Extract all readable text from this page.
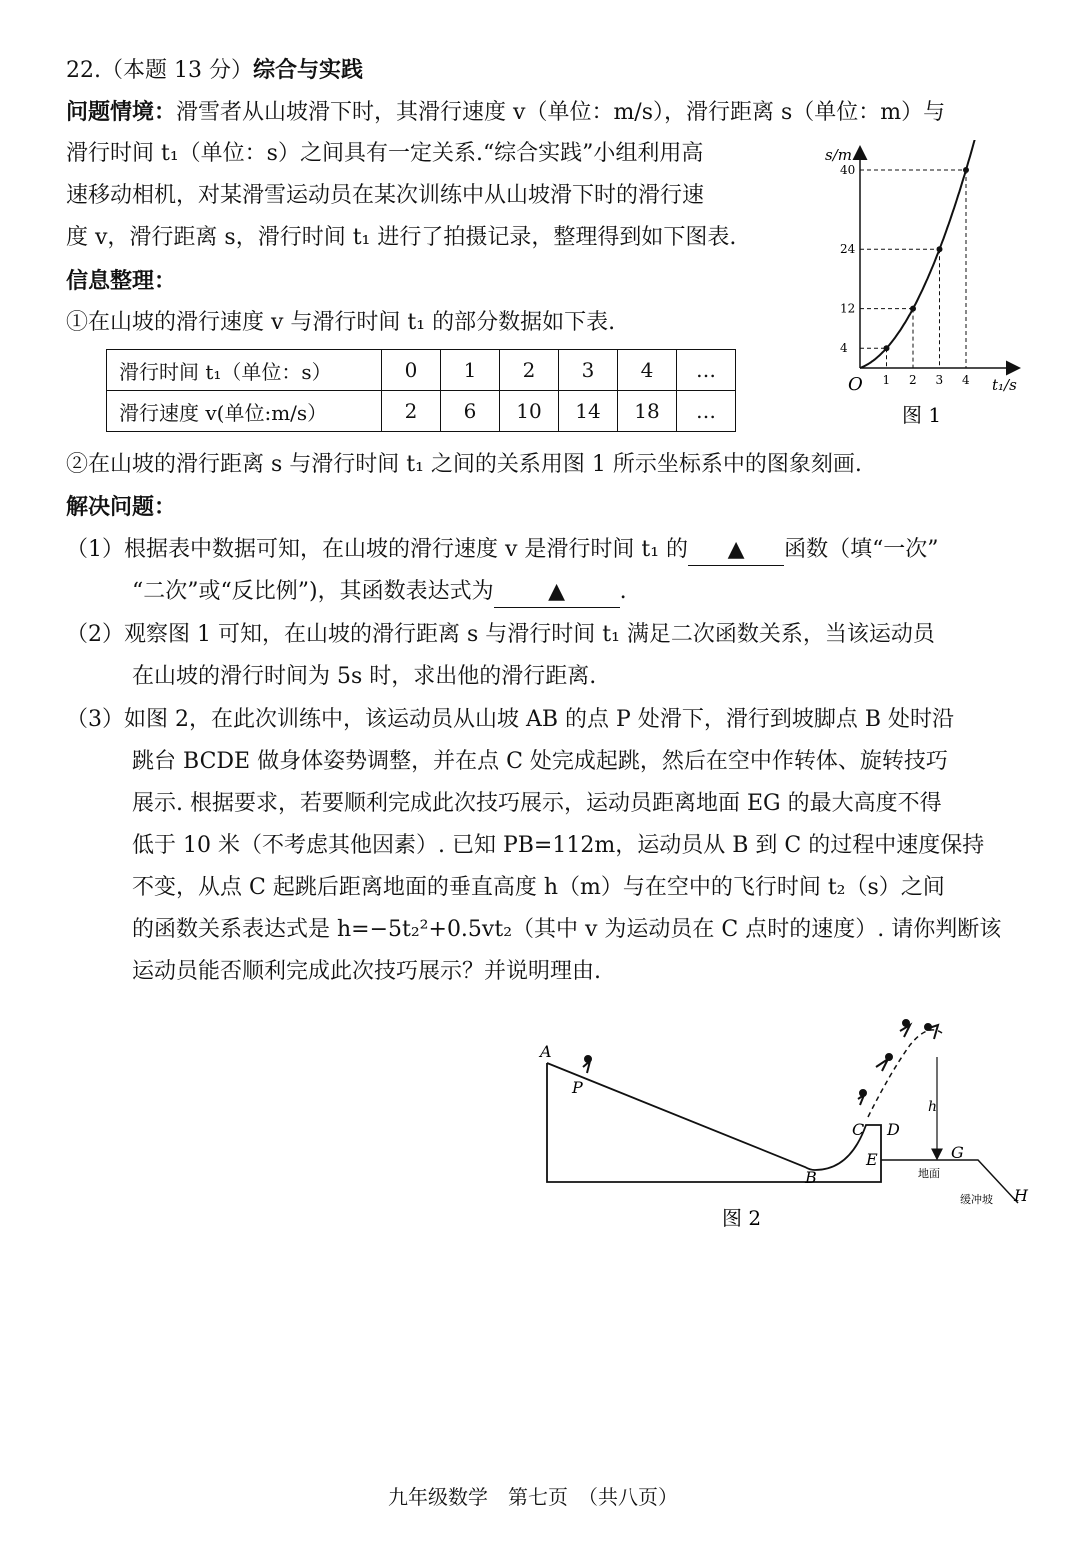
22.（本题 13 分）综合与实践
问题情境：滑雪者从山坡滑下时，其滑行速度 v（单位：m/s），滑行距离 s（单位：m）与
滑行时间 t₁（单位：s）之间具有一定关系.“综合实践”小组利用高
速移动相机，对某滑雪运动员在某次训练中从山坡滑下时的滑行速
度 v，滑行距离 s，滑行时间 t₁ 进行了拍摄记录，整理得到如下图表.
信息整理：
①在山坡的滑行速度 v 与滑行时间 t₁ 的部分数据如下表.
滑行时间 t₁（单位：s）	0	1	2	3	4	…
滑行速度 v(单位:m/s）	2	6	10	14	18	…
s/m
t₁/s
O 1 2 3 4
4
12
24
40
图 1
②在山坡的滑行距离 s 与滑行时间 t₁ 之间的关系用图 1 所示坐标系中的图象刻画.
解决问题：
（1）根据表中数据可知，在山坡的滑行速度 v 是滑行时间 t₁ 的 ▲ 函数（填“一次”
“二次”或“反比例”)，其函数表达式为 ▲ .
（2）观察图 1 可知，在山坡的滑行距离 s 与滑行时间 t₁ 满足二次函数关系，当该运动员
在山坡的滑行时间为 5s 时，求出他的滑行距离.
（3）如图 2，在此次训练中，该运动员从山坡 AB 的点 P 处滑下，滑行到坡脚点 B 处时沿
跳台 BCDE 做身体姿势调整，并在点 C 处完成起跳，然后在空中作转体、旋转技巧
展示. 根据要求，若要顺利完成此次技巧展示，运动员距离地面 EG 的最大高度不得
低于 10 米（不考虑其他因素）. 已知 PB=112m，运动员从 B 到 C 的过程中速度保持
不变，从点 C 起跳后距离地面的垂直高度 h（m）与在空中的飞行时间 t₂（s）之间
的函数关系表达式是 h=−5t₂²+0.5vt₂（其中 v 为运动员在 C 点时的速度）. 请你判断该
运动员能否顺利完成此次技巧展示？并说明理由.
A
P
B
C D
E	G
H
h
地面
缓冲坡
图 2
九年级数学　第七页　（共八页）
